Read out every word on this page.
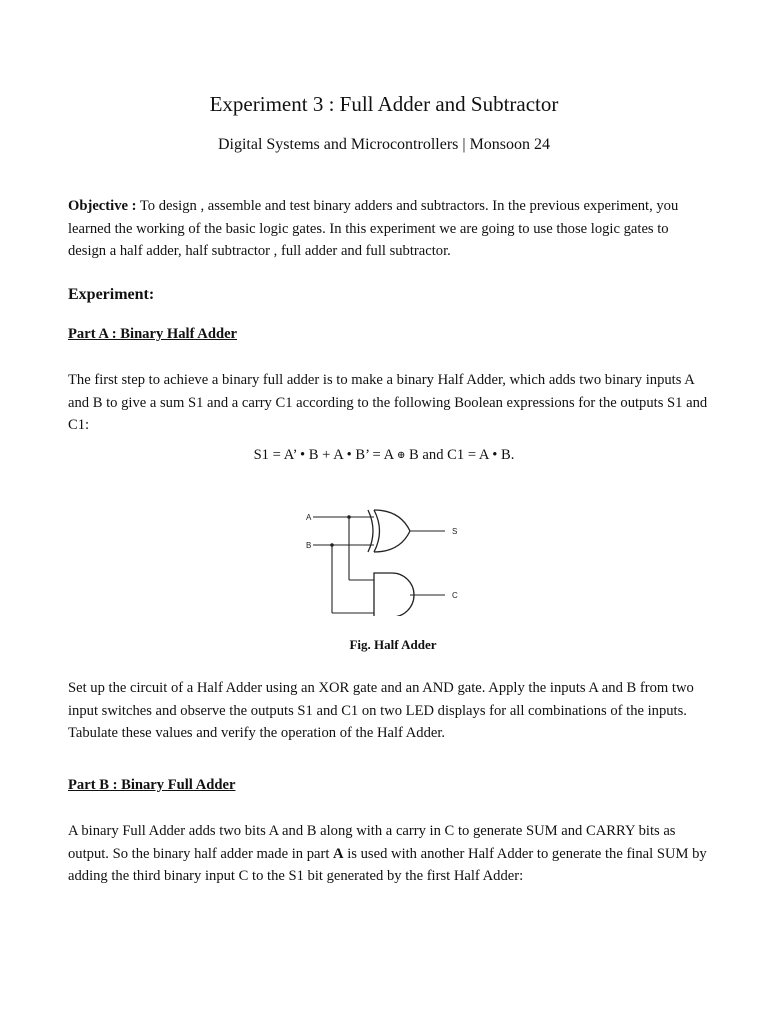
Experiment 3 : Full Adder and Subtractor
Digital Systems and Microcontrollers | Monsoon 24
Objective : To design , assemble and test binary adders and subtractors. In the previous experiment, you learned the working of the basic logic gates. In this experiment we are going to use those logic gates to design a half adder, half subtractor , full adder and full subtractor.
Experiment:
Part A : Binary Half Adder
The first step to achieve a binary full adder is to make a binary Half Adder, which adds two binary inputs A and B to give a sum S1 and a carry C1 according to the following Boolean expressions for the outputs S1 and C1:
S1 = A’ • B + A • B’ = A ⊕ B and C1 = A • B.
A
B
S
C
Fig. Half Adder
Set up the circuit of a Half Adder using an XOR gate and an AND gate. Apply the inputs A and B from two input switches and observe the outputs S1 and C1 on two LED displays for all combinations of the inputs. Tabulate these values and verify the operation of the Half Adder.
Part B : Binary Full Adder
A binary Full Adder adds two bits A and B along with a carry in C to generate SUM and CARRY bits as output. So the binary half adder made in part A is used with another Half Adder to generate the final SUM by adding the third binary input C to the S1 bit generated by the first Half Adder:
